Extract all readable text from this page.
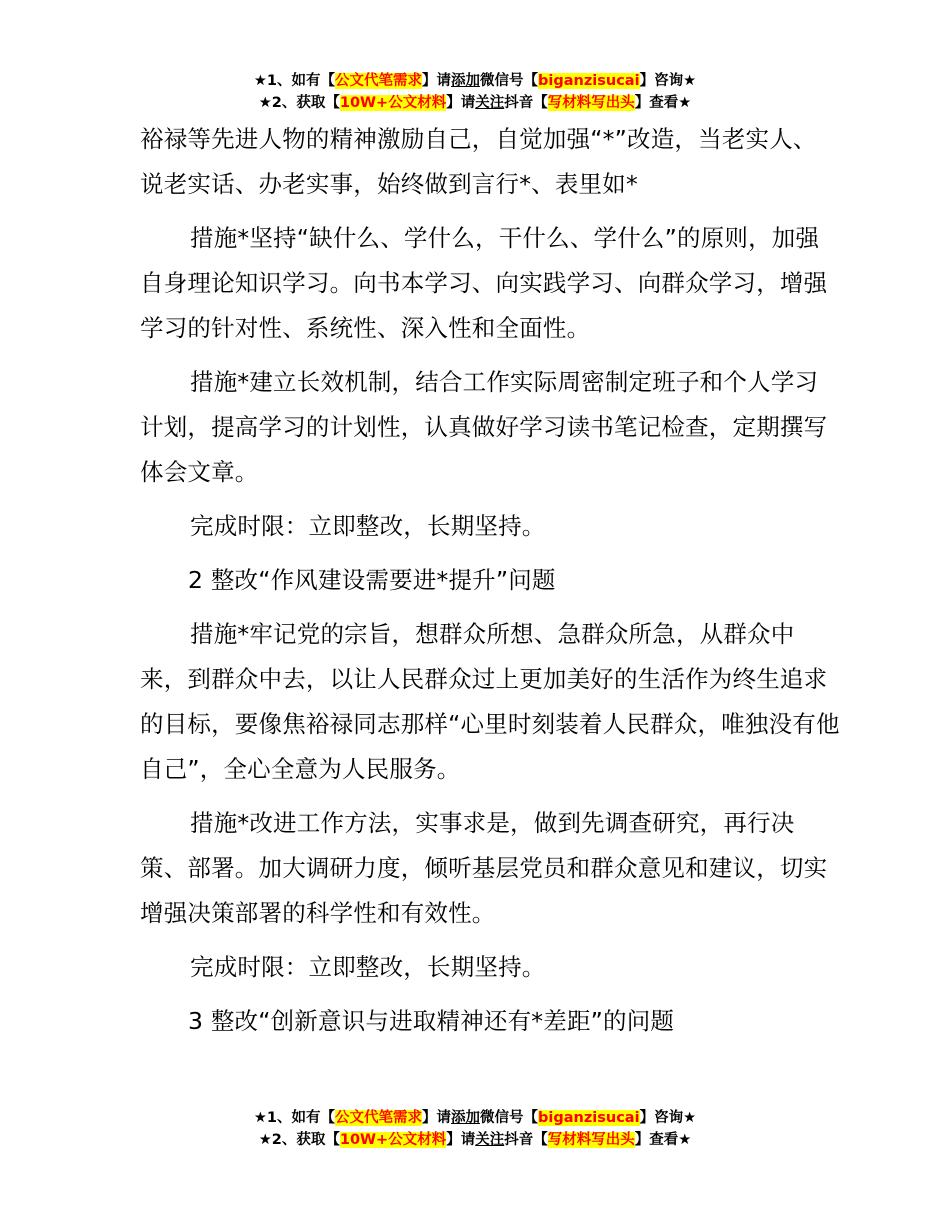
★1、如有【公文代笔需求】请添加微信号【biganzisucai】咨询★
★2、获取【10W+公文材料】请关注抖音【写材料写出头】查看★

裕禄等先进人物的精神激励自己，自觉加强“*”改造，当老实人、说老实话、办老实事，始终做到言行*、表里如*

措施*坚持“缺什么、学什么，干什么、学什么”的原则，加强自身理论知识学习。向书本学习、向实践学习、向群众学习，增强学习的针对性、系统性、深入性和全面性。

措施*建立长效机制，结合工作实际周密制定班子和个人学习计划，提高学习的计划性，认真做好学习读书笔记检查，定期撰写体会文章。

完成时限：立即整改，长期坚持。

2 整改“作风建设需要进*提升”问题

措施*牢记党的宗旨，想群众所想、急群众所急，从群众中来，到群众中去，以让人民群众过上更加美好的生活作为终生追求的目标，要像焦裕禄同志那样“心里时刻装着人民群众，唯独没有他自己”，全心全意为人民服务。

措施*改进工作方法，实事求是，做到先调查研究，再行决策、部署。加大调研力度，倾听基层党员和群众意见和建议，切实增强决策部署的科学性和有效性。

完成时限：立即整改，长期坚持。

3 整改“创新意识与进取精神还有*差距”的问题

★1、如有【公文代笔需求】请添加微信号【biganzisucai】咨询★
★2、获取【10W+公文材料】请关注抖音【写材料写出头】查看★
